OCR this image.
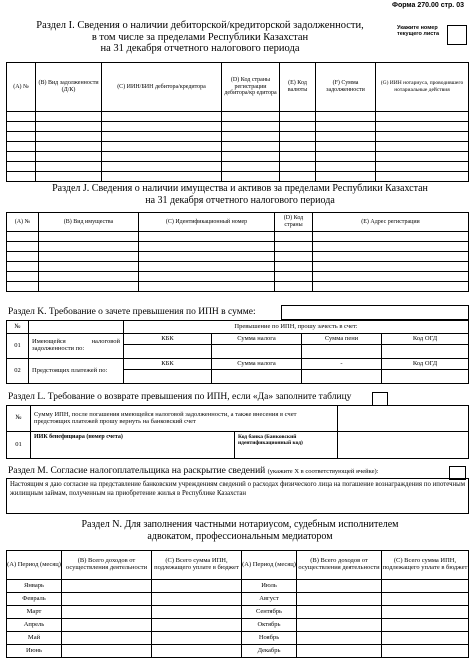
Форма 270.00 стр. 03
Раздел I. Сведения о наличии дебиторской/кредиторской задолженности,
в том числе за пределами Республики Казахстан
на 31 декабря отчетного налогового периода
Укажите номер текущего листа
(A) №	(B) Вид задолженности (Д/К)	(C) ИИН/БИН дебитора/кредитора	(D) Код страны регистрации дебитора/кр едитора	(E) Код валюты	(F) Сумма задолженности	(G) ИИН нотариуса, проводившего нотариальные действия

Раздел J. Сведения о наличии имущества и активов за пределами Республики Казахстан
на 31 декабря отчетного налогового периода
(A) №	(B) Вид имущества	(C) Идентификационный номер	(D) Код страны	(E) Адрес регистрации

Раздел K. Требование о зачете превышения по ИПН в сумме:
№		Превышение по ИПН, прошу зачесть в счет:			
01	Имеющейся налоговой задолженности по:	КБК	Сумма налога	Сумма пени	Код ОГД

02	Предстоящих платежей по:	КБК	Сумма налога	-	Код ОГД
Раздел L. Требование о возврате превышения по ИПН, если «Да» заполните таблицу
№	Сумму ИПН, после погашения имеющейся налоговой задолженности, а также внесения в счет предстоящих платежей прошу вернуть на банковский счет		
01	ИИК бенефициара (номер счета)	Код банка (Банковский идентификационный код)	

Раздел M. Согласие налогоплательщика на раскрытие сведений (укажите X в соответствующей ячейке):
Настоящим я даю согласие на представление банковским учреждениям сведений о расходах физического лица на погашение вознаграждения по ипотечным жилищным займам, полученным на приобретение жилья в Республике Казахстан
Раздел N. Для заполнения частными нотариусом, судебным исполнителем
адвокатом, профессиональным медиатором
(A) Период (месяц)	(B) Всего доходов от осуществления деятельности	(C) Всего сумма ИПН, подлежащего уплате в бюджет	(A) Период (месяц)	(B) Всего доходов от осуществления деятельности	(C) Всего сумма ИПН, подлежащего уплате в бюджет
Январь			Июль		
Февраль			Август		
Март			Сентябрь		
Апрель			Октябрь		
Май			Ноябрь		
Июнь			Декабрь		
